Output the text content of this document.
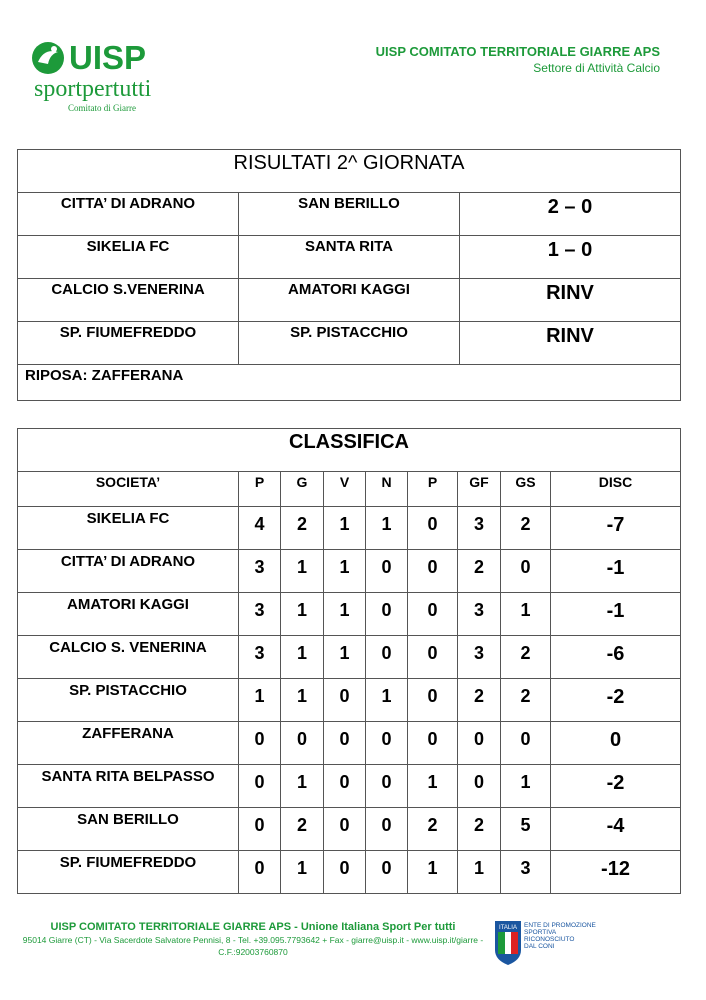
UISP
sportpertutti
Comitato di Giarre
UISP COMITATO TERRITORIALE GIARRE APS
Settore di Attività Calcio
RISULTATI 2^ GIORNATA		
CITTA’ DI ADRANO	SAN BERILLO	2 – 0
SIKELIA FC	SANTA RITA	1 – 0
CALCIO S.VENERINA	AMATORI KAGGI	RINV
SP. FIUMEFREDDO	SP. PISTACCHIO	RINV
RIPOSA: ZAFFERANA		
CLASSIFICA								
SOCIETA’	P	G	V	N	P	GF	GS	DISC
SIKELIA FC	4	2	1	1	0	3	2	-7
CITTA’ DI ADRANO	3	1	1	0	0	2	0	-1
AMATORI KAGGI	3	1	1	0	0	3	1	-1
CALCIO S. VENERINA	3	1	1	0	0	3	2	-6
SP. PISTACCHIO	1	1	0	1	0	2	2	-2
ZAFFERANA	0	0	0	0	0	0	0	0
SANTA RITA BELPASSO	0	1	0	0	1	0	1	-2
SAN BERILLO	0	2	0	0	2	2	5	-4
SP. FIUMEFREDDO	0	1	0	0	1	1	3	-12
UISP COMITATO TERRITORIALE GIARRE APS - Unione Italiana Sport Per tutti
95014 Giarre (CT) - Via Sacerdote Salvatore Pennisi, 8 - Tel. +39.095.7793642 + Fax - giarre@uisp.it - www.uisp.it/giarre -
C.F.:92003760870
ITALIA ENTE DI PROMOZIONE
SPORTIVA
RICONOSCIUTO
DAL CONI
